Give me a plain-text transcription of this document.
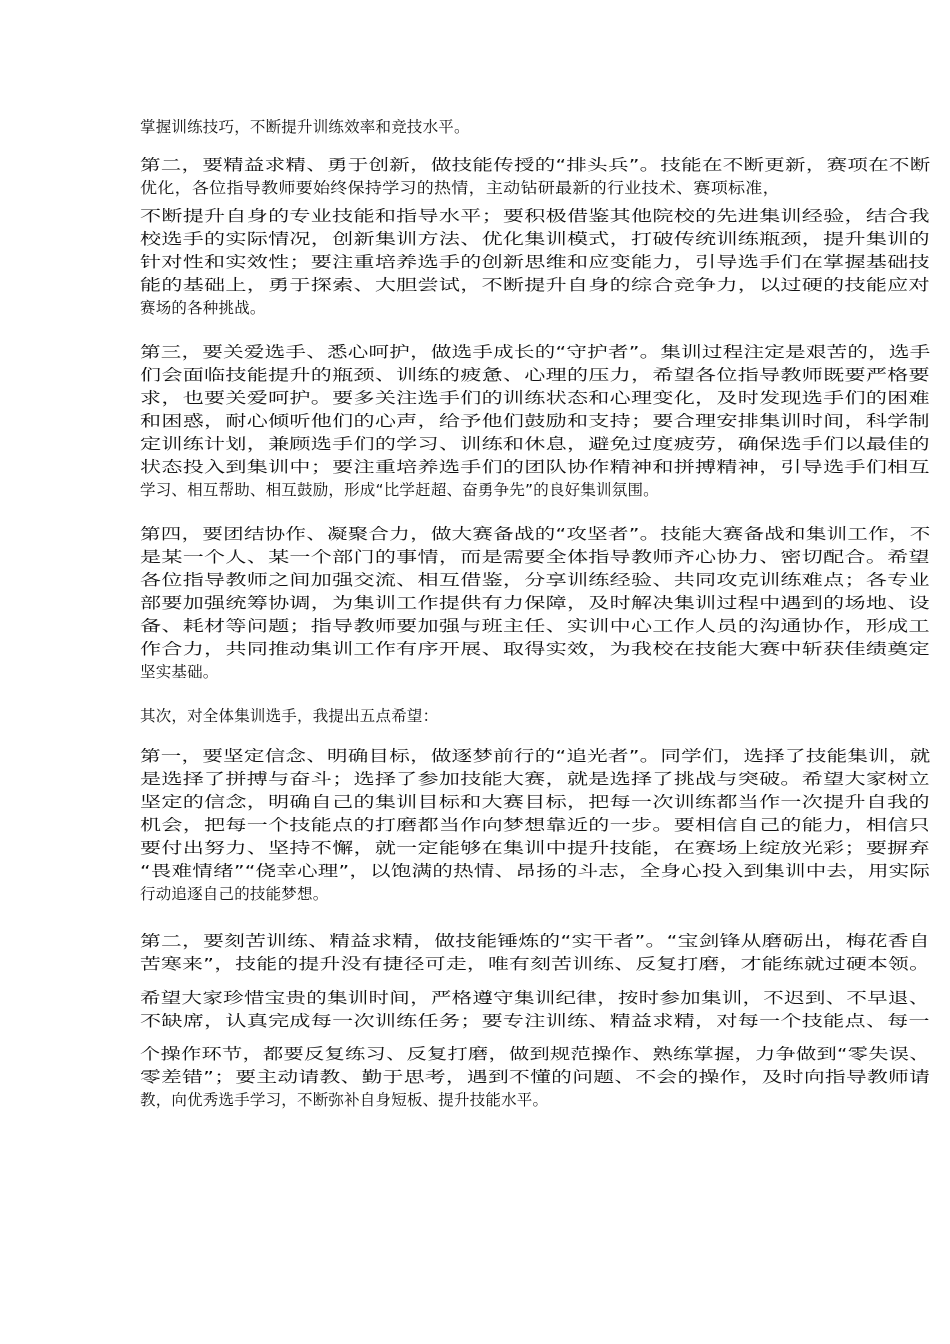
掌握训练技巧，不断提升训练效率和竞技水平。
第二，要精益求精、勇于创新，做技能传授的“排头兵”。技能在不断更新，赛项在不断
优化，各位指导教师要始终保持学习的热情，主动钻研最新的行业技术、赛项标准，
不断提升自身的专业技能和指导水平；要积极借鉴其他院校的先进集训经验，结合我
校选手的实际情况，创新集训方法、优化集训模式，打破传统训练瓶颈，提升集训的
针对性和实效性；要注重培养选手的创新思维和应变能力，引导选手们在掌握基础技
能的基础上，勇于探索、大胆尝试，不断提升自身的综合竞争力，以过硬的技能应对
赛场的各种挑战。
第三，要关爱选手、悉心呵护，做选手成长的“守护者”。集训过程注定是艰苦的，选手
们会面临技能提升的瓶颈、训练的疲惫、心理的压力，希望各位指导教师既要严格要
求，也要关爱呵护。要多关注选手们的训练状态和心理变化，及时发现选手们的困难
和困惑，耐心倾听他们的心声，给予他们鼓励和支持；要合理安排集训时间，科学制
定训练计划，兼顾选手们的学习、训练和休息，避免过度疲劳，确保选手们以最佳的
状态投入到集训中；要注重培养选手们的团队协作精神和拼搏精神，引导选手们相互
学习、相互帮助、相互鼓励，形成“比学赶超、奋勇争先”的良好集训氛围。
第四，要团结协作、凝聚合力，做大赛备战的“攻坚者”。技能大赛备战和集训工作，不
是某一个人、某一个部门的事情，而是需要全体指导教师齐心协力、密切配合。希望
各位指导教师之间加强交流、相互借鉴，分享训练经验、共同攻克训练难点；各专业
部要加强统筹协调，为集训工作提供有力保障，及时解决集训过程中遇到的场地、设
备、耗材等问题；指导教师要加强与班主任、实训中心工作人员的沟通协作，形成工
作合力，共同推动集训工作有序开展、取得实效，为我校在技能大赛中斩获佳绩奠定
坚实基础。
其次，对全体集训选手，我提出五点希望：
第一，要坚定信念、明确目标，做逐梦前行的“追光者”。同学们，选择了技能集训，就
是选择了拼搏与奋斗；选择了参加技能大赛，就是选择了挑战与突破。希望大家树立
坚定的信念，明确自己的集训目标和大赛目标，把每一次训练都当作一次提升自我的
机会，把每一个技能点的打磨都当作向梦想靠近的一步。要相信自己的能力，相信只
要付出努力、坚持不懈，就一定能够在集训中提升技能，在赛场上绽放光彩；要摒弃
“畏难情绪”“侥幸心理”，以饱满的热情、昂扬的斗志，全身心投入到集训中去，用实际
行动追逐自己的技能梦想。
第二，要刻苦训练、精益求精，做技能锤炼的“实干者”。“宝剑锋从磨砺出，梅花香自
苦寒来”，技能的提升没有捷径可走，唯有刻苦训练、反复打磨，才能练就过硬本领。
希望大家珍惜宝贵的集训时间，严格遵守集训纪律，按时参加集训，不迟到、不早退、
不缺席，认真完成每一次训练任务；要专注训练、精益求精，对每一个技能点、每一
个操作环节，都要反复练习、反复打磨，做到规范操作、熟练掌握，力争做到“零失误、
零差错”；要主动请教、勤于思考，遇到不懂的问题、不会的操作，及时向指导教师请
教，向优秀选手学习，不断弥补自身短板、提升技能水平。
